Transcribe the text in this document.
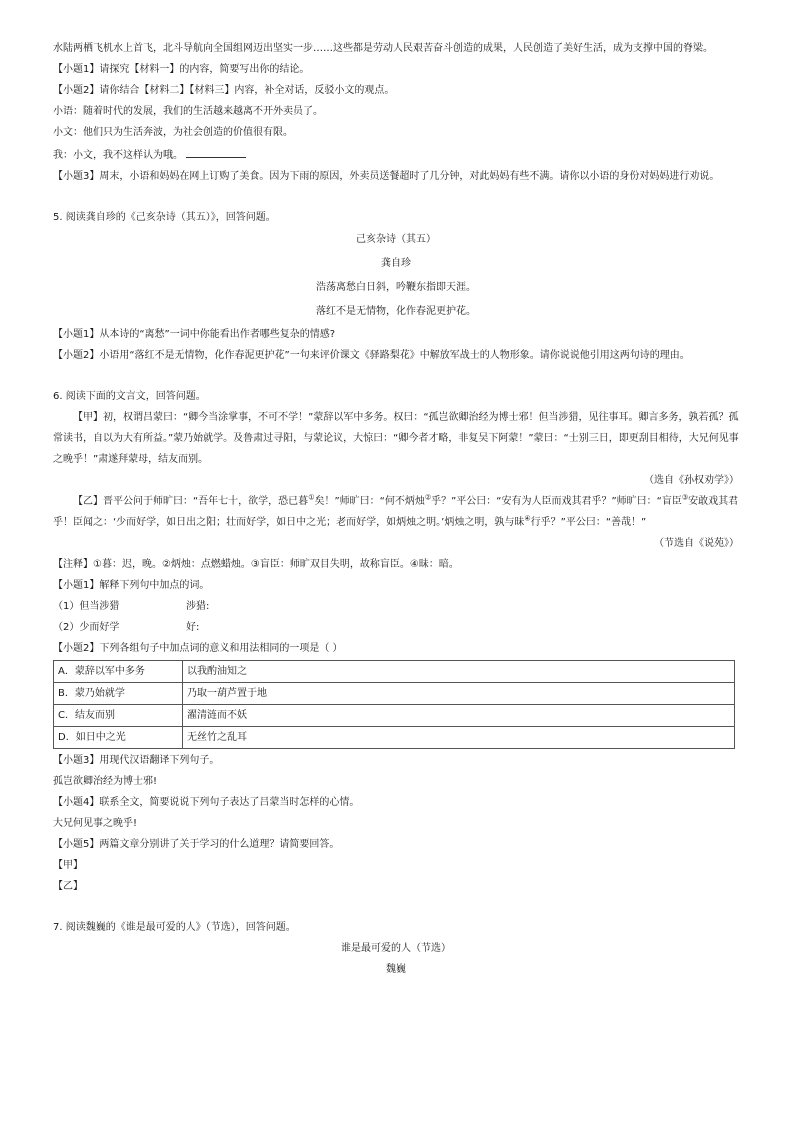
水陆两栖飞机水上首飞，北斗导航向全国组网迈出坚实一步……这些都是劳动人民艰苦奋斗创造的成果，人民创造了美好生活，成为支撑中国的脊梁。

【小题1】请探究【材料一】的内容，简要写出你的结论。

【小题2】请你结合【材料二】【材料三】内容，补全对话，反驳小文的观点。

小语：随着时代的发展，我们的生活越来越离不开外卖员了。

小文：他们只为生活奔波，为社会创造的价值很有限。

我：小文，我不这样认为哦。

【小题3】周末，小语和妈妈在网上订购了美食。因为下雨的原因，外卖员送餐超时了几分钟，对此妈妈有些不满。请你以小语的身份对妈妈进行劝说。

5. 阅读龚自珍的《己亥杂诗（其五）》，回答问题。

己亥杂诗（其五）

龚自珍

浩荡离愁白日斜，吟鞭东指即天涯。

落红不是无情物，化作春泥更护花。

【小题1】从本诗的“离愁”一词中你能看出作者哪些复杂的情感?

【小题2】小语用“落红不是无情物，化作春泥更护花”一句来评价课文《驿路梨花》中解放军战士的人物形象。请你说说他引用这两句诗的理由。

6. 阅读下面的文言文，回答问题。

【甲】初，权谓吕蒙曰：“卿今当涂掌事，不可不学！”蒙辞以军中多务。权曰：“孤岂欲卿治经为博士邪！但当涉猎，见往事耳。卿言多务，孰若孤？孤常读书，自以为大有所益。”蒙乃始就学。及鲁肃过寻阳，与蒙论议，大惊曰：“卿今者才略，非复吴下阿蒙！”蒙曰：“士别三日，即更刮目相待，大兄何见事之晚乎！”肃遂拜蒙母，结友而别。

（选自《孙权劝学》）

【乙】晋平公问于师旷曰：“吾年七十，欲学，恐已暮①矣！”师旷曰：“何不炳烛②乎？”平公曰：“安有为人臣而戏其君乎？”师旷曰：“盲臣③安敢戏其君乎！臣闻之：‘少而好学，如日出之阳；壮而好学，如日中之光；老而好学，如炳烛之明。’炳烛之明，孰与昧④行乎？”平公曰：“善哉！”

（节选自《说苑》）

【注释】①暮：迟，晚。②炳烛：点燃蜡烛。③盲臣：师旷双目失明，故称盲臣。④昧：暗。

【小题1】解释下列句中加点的词。

（1）但当涉猎	涉猎:

（2）少而好学	好:

【小题2】下列各组句子中加点词的意义和用法相同的一项是（ ）

A．蒙辞以军中多务	以我酌油知之
B．蒙乃始就学	乃取一葫芦置于地
C．结友而别	濯清涟而不妖
D．如日中之光	无丝竹之乱耳

【小题3】用现代汉语翻译下列句子。

孤岂欲卿治经为博士邪!

【小题4】联系全文，简要说说下列句子表达了吕蒙当时怎样的心情。

大兄何见事之晚乎!

【小题5】两篇文章分别讲了关于学习的什么道理？请简要回答。

【甲】

【乙】

7. 阅读魏巍的《谁是最可爱的人》（节选），回答问题。

谁是最可爱的人（节选）

魏巍
